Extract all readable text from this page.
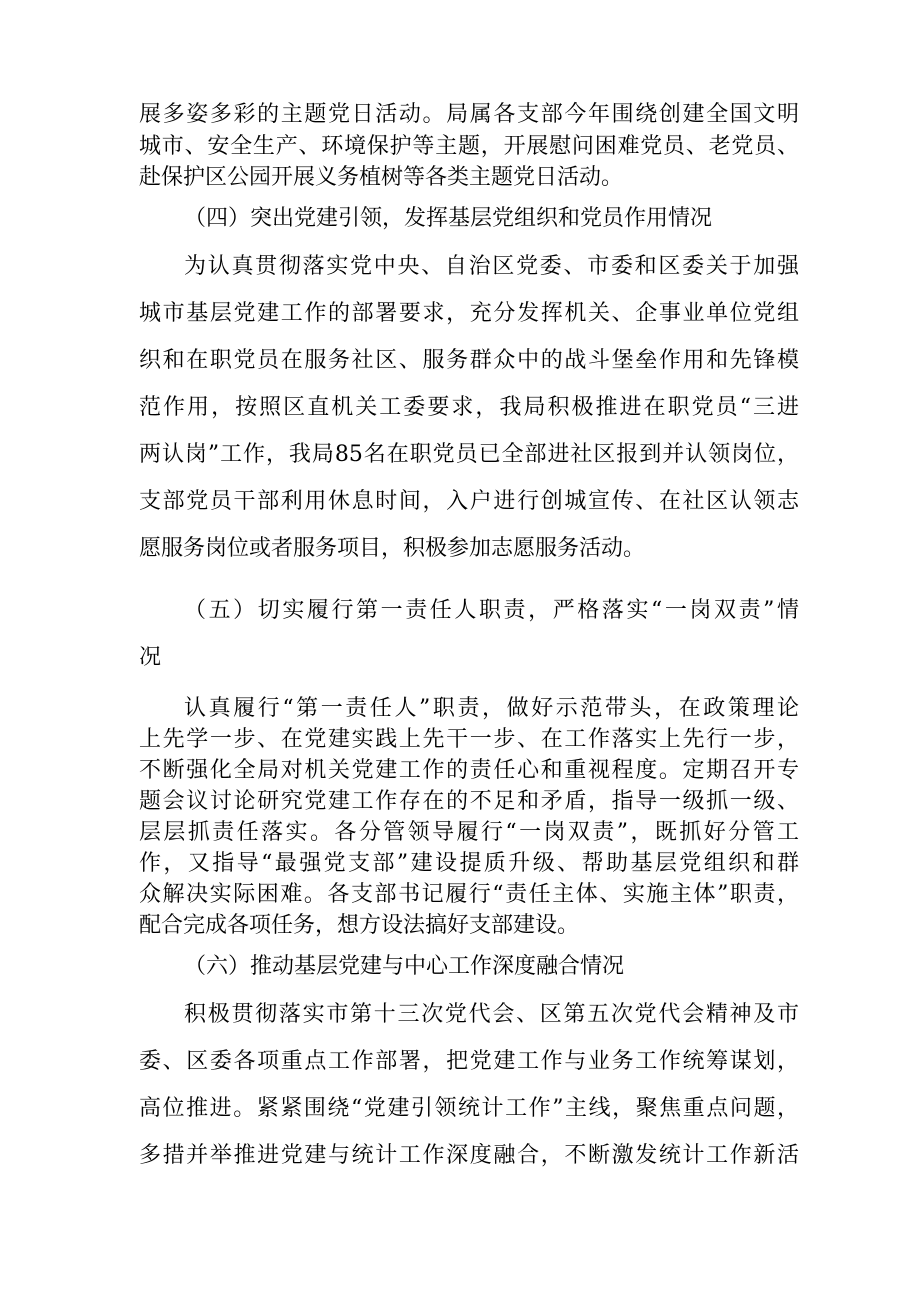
展多姿多彩的主题党日活动。局属各支部今年围绕创建全国文明
城市、安全生产、环境保护等主题，开展慰问困难党员、老党员、
赴保护区公园开展义务植树等各类主题党日活动。
（四）突出党建引领，发挥基层党组织和党员作用情况
为认真贯彻落实党中央、自治区党委、市委和区委关于加强
城市基层党建工作的部署要求，充分发挥机关、企事业单位党组
织和在职党员在服务社区、服务群众中的战斗堡垒作用和先锋模
范作用，按照区直机关工委要求，我局积极推进在职党员“三进
两认岗”工作，我局85名在职党员已全部进社区报到并认领岗位，
支部党员干部利用休息时间，入户进行创城宣传、在社区认领志
愿服务岗位或者服务项目，积极参加志愿服务活动。
（五）切实履行第一责任人职责，严格落实“一岗双责”情
况
认真履行“第一责任人”职责，做好示范带头，在政策理论
上先学一步、在党建实践上先干一步、在工作落实上先行一步，
不断强化全局对机关党建工作的责任心和重视程度。定期召开专
题会议讨论研究党建工作存在的不足和矛盾，指导一级抓一级、
层层抓责任落实。各分管领导履行“一岗双责”，既抓好分管工
作，又指导“最强党支部”建设提质升级、帮助基层党组织和群
众解决实际困难。各支部书记履行“责任主体、实施主体”职责，
配合完成各项任务，想方设法搞好支部建设。
（六）推动基层党建与中心工作深度融合情况
积极贯彻落实市第十三次党代会、区第五次党代会精神及市
委、区委各项重点工作部署，把党建工作与业务工作统筹谋划，
高位推进。紧紧围绕“党建引领统计工作”主线，聚焦重点问题，
多措并举推进党建与统计工作深度融合，不断激发统计工作新活
